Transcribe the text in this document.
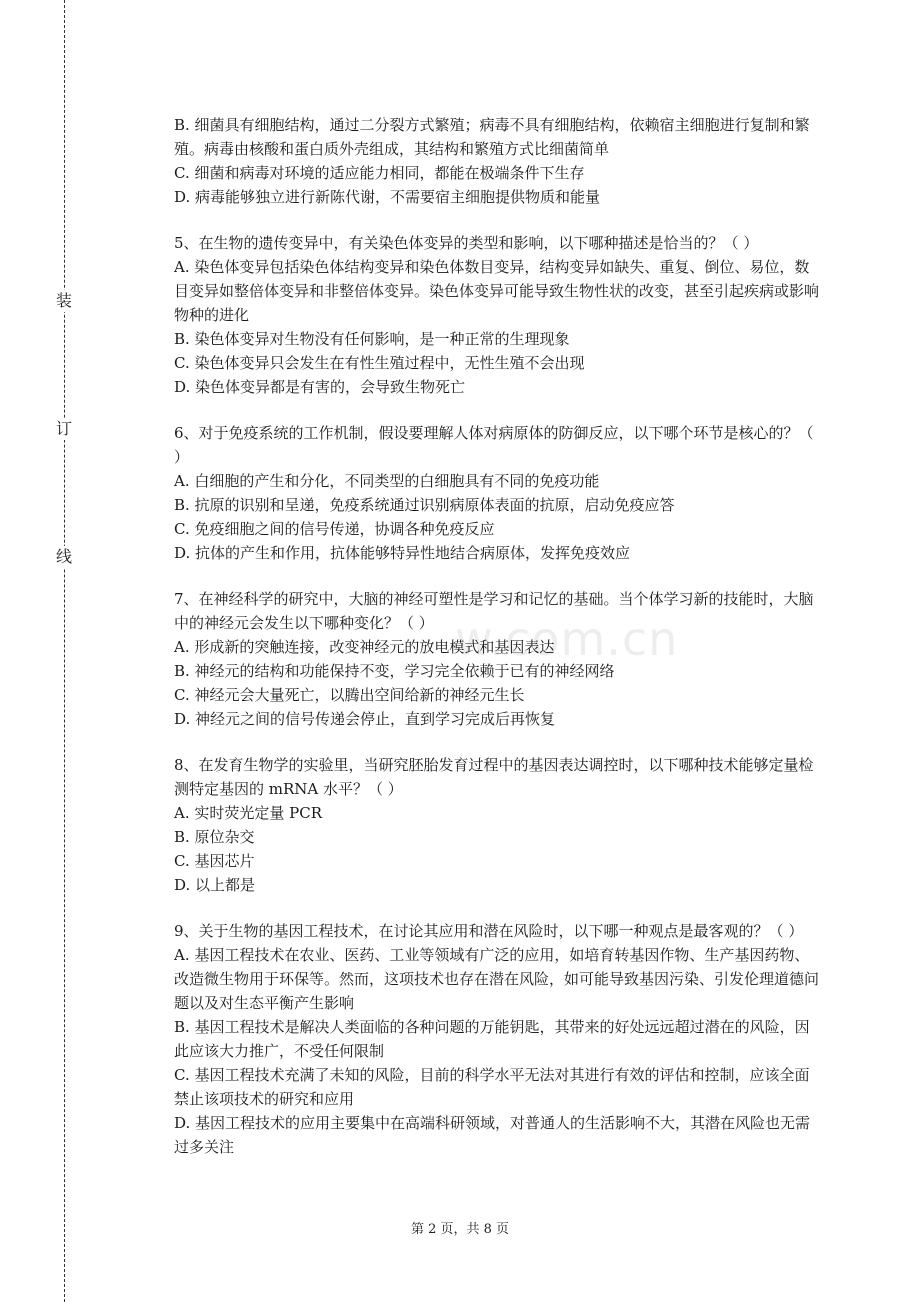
装
订
线
w.com.cn

B. 细菌具有细胞结构，通过二分裂方式繁殖；病毒不具有细胞结构，依赖宿主细胞进行复制和繁殖。病毒由核酸和蛋白质外壳组成，其结构和繁殖方式比细菌简单

C. 细菌和病毒对环境的适应能力相同，都能在极端条件下生存

D. 病毒能够独立进行新陈代谢，不需要宿主细胞提供物质和能量

5、在生物的遗传变异中，有关染色体变异的类型和影响，以下哪种描述是恰当的？（ ）

A. 染色体变异包括染色体结构变异和染色体数目变异，结构变异如缺失、重复、倒位、易位，数目变异如整倍体变异和非整倍体变异。染色体变异可能导致生物性状的改变，甚至引起疾病或影响物种的进化

B. 染色体变异对生物没有任何影响，是一种正常的生理现象

C. 染色体变异只会发生在有性生殖过程中，无性生殖不会出现

D. 染色体变异都是有害的，会导致生物死亡

6、对于免疫系统的工作机制，假设要理解人体对病原体的防御反应，以下哪个环节是核心的？（ ）

A. 白细胞的产生和分化，不同类型的白细胞具有不同的免疫功能

B. 抗原的识别和呈递，免疫系统通过识别病原体表面的抗原，启动免疫应答

C. 免疫细胞之间的信号传递，协调各种免疫反应

D. 抗体的产生和作用，抗体能够特异性地结合病原体，发挥免疫效应

7、在神经科学的研究中，大脑的神经可塑性是学习和记忆的基础。当个体学习新的技能时，大脑中的神经元会发生以下哪种变化？（ ）

A. 形成新的突触连接，改变神经元的放电模式和基因表达

B. 神经元的结构和功能保持不变，学习完全依赖于已有的神经网络

C. 神经元会大量死亡，以腾出空间给新的神经元生长

D. 神经元之间的信号传递会停止，直到学习完成后再恢复

8、在发育生物学的实验里，当研究胚胎发育过程中的基因表达调控时，以下哪种技术能够定量检测特定基因的 mRNA 水平？（ ）

A. 实时荧光定量 PCR

B. 原位杂交

C. 基因芯片

D. 以上都是

9、关于生物的基因工程技术，在讨论其应用和潜在风险时，以下哪一种观点是最客观的？（ ）

A. 基因工程技术在农业、医药、工业等领域有广泛的应用，如培育转基因作物、生产基因药物、改造微生物用于环保等。然而，这项技术也存在潜在风险，如可能导致基因污染、引发伦理道德问题以及对生态平衡产生影响

B. 基因工程技术是解决人类面临的各种问题的万能钥匙，其带来的好处远远超过潜在的风险，因此应该大力推广，不受任何限制

C. 基因工程技术充满了未知的风险，目前的科学水平无法对其进行有效的评估和控制，应该全面禁止该项技术的研究和应用

D. 基因工程技术的应用主要集中在高端科研领域，对普通人的生活影响不大，其潜在风险也无需过多关注

第 2 页，共 8 页
